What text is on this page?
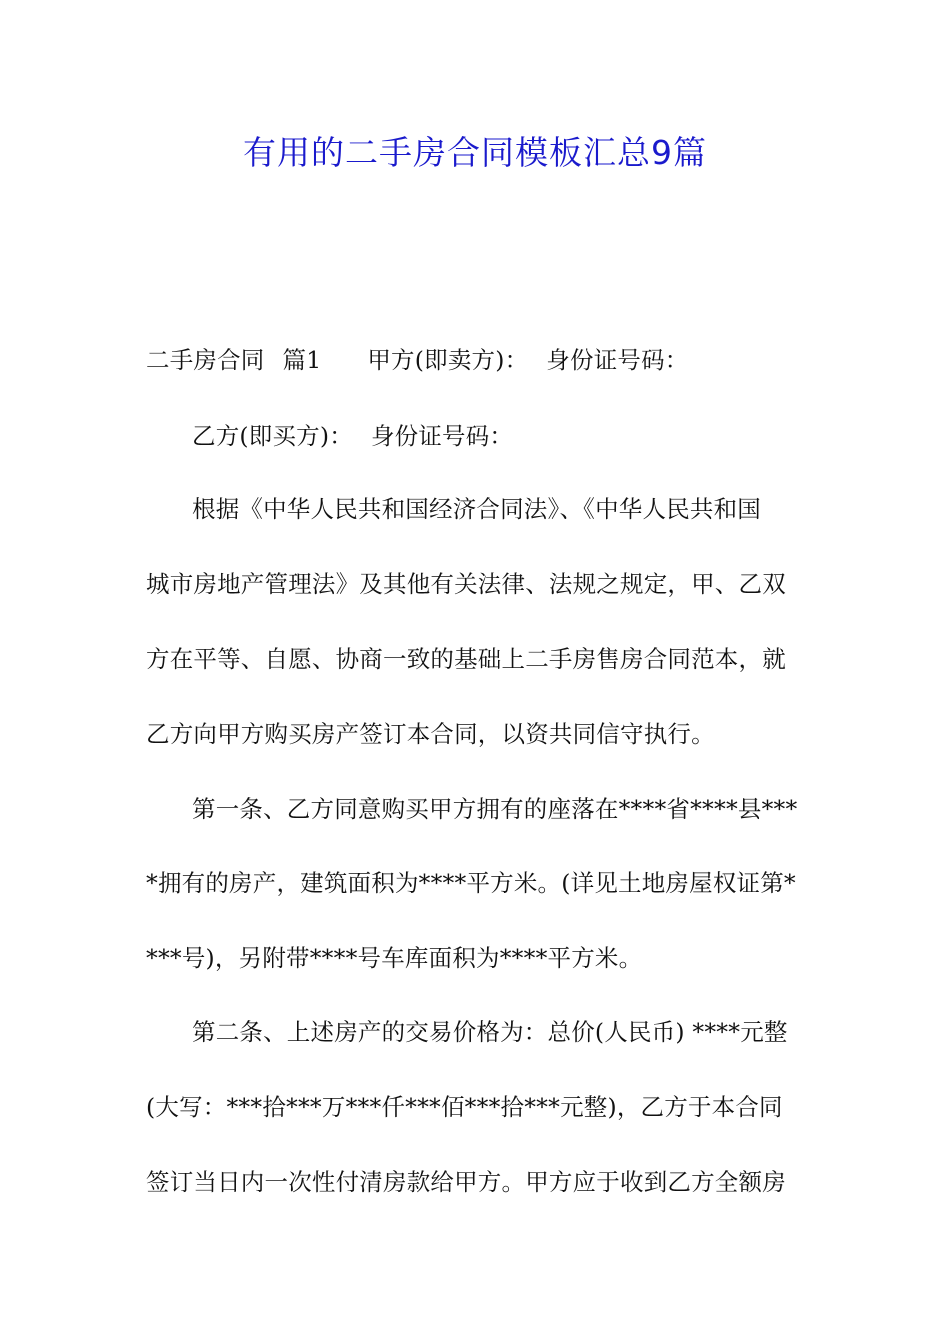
有用的二手房合同模板汇总9篇
二手房合同 篇1 甲方(即卖方)： 身份证号码：
乙方(即买方)： 身份证号码：
根据《中华人民共和国经济合同法》、《中华人民共和国
城市房地产管理法》及其他有关法律、法规之规定，甲、乙双
方在平等、自愿、协商一致的基础上二手房售房合同范本，就
乙方向甲方购买房产签订本合同，以资共同信守执行。
第一条、乙方同意购买甲方拥有的座落在****省****县***
*拥有的房产，建筑面积为****平方米。(详见土地房屋权证第*
***号)，另附带****号车库面积为****平方米。
第二条、上述房产的交易价格为：总价(人民币) ****元整
(大写：***拾***万***仟***佰***拾***元整)，乙方于本合同
签订当日内一次性付清房款给甲方。甲方应于收到乙方全额房
